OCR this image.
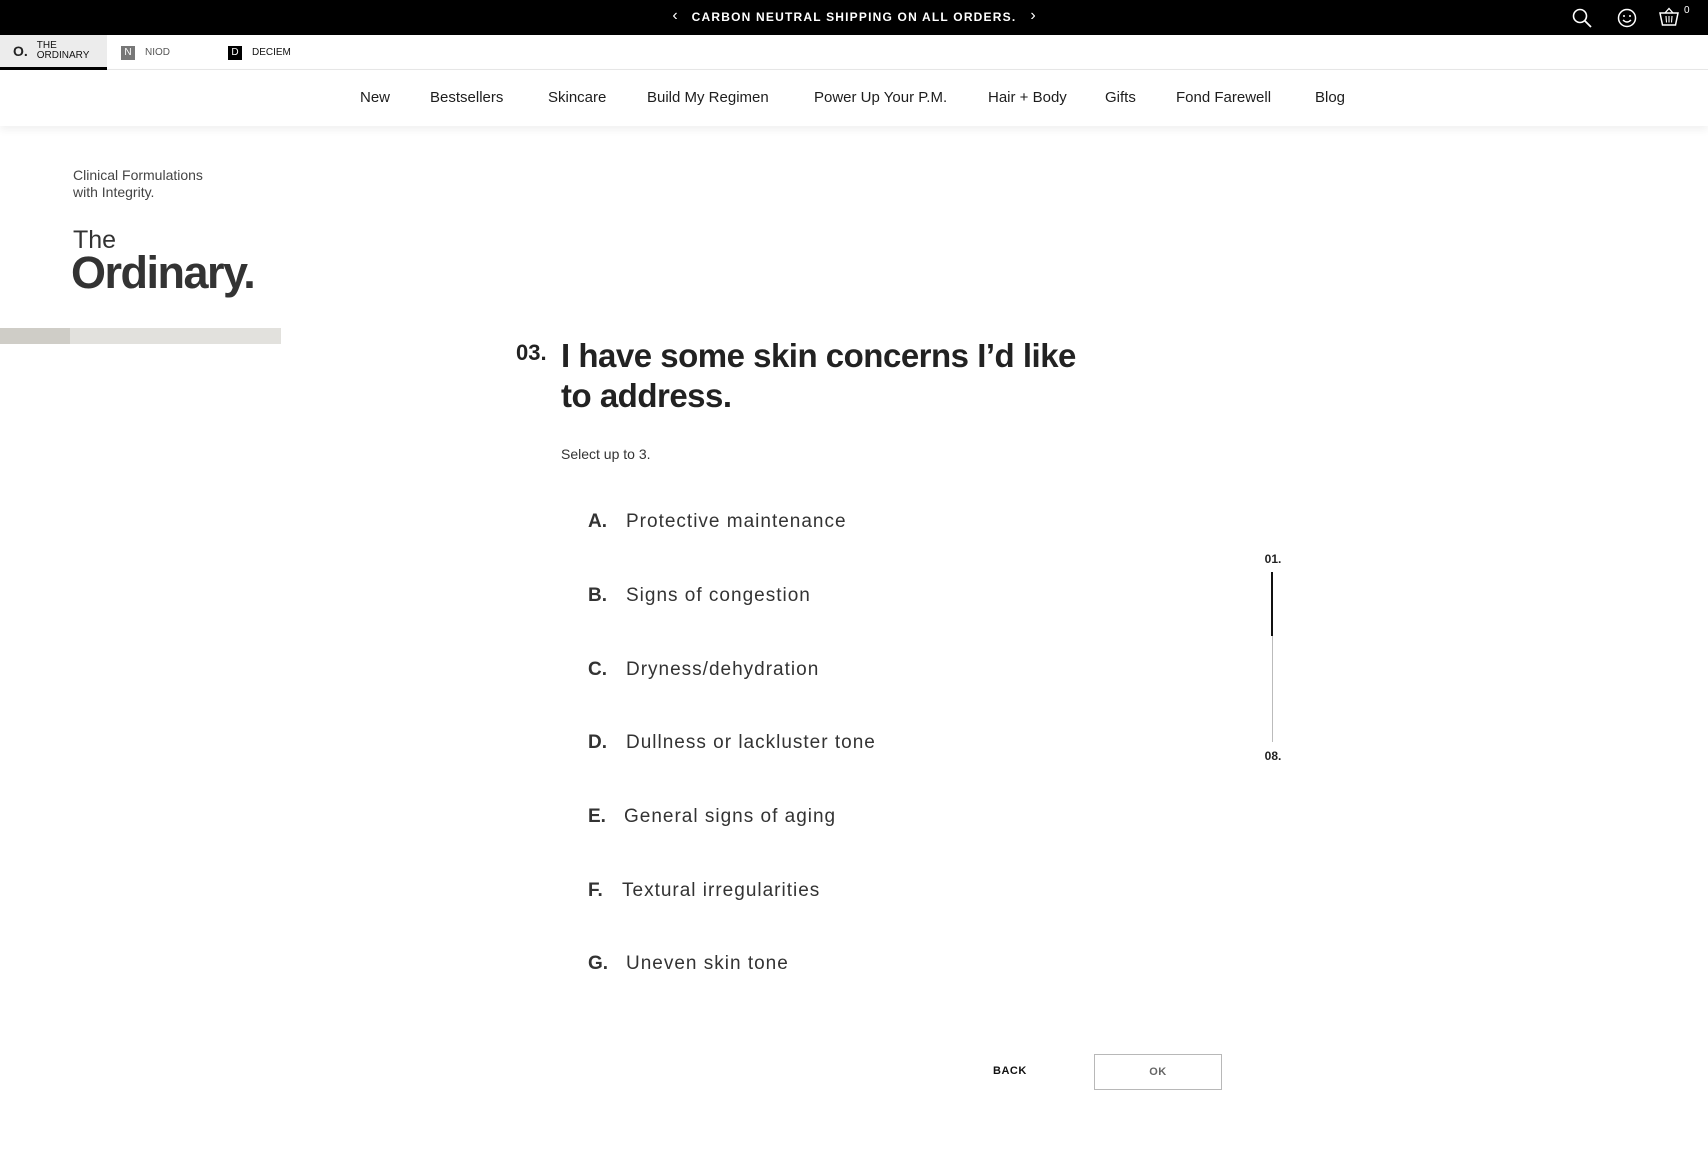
‹	CARBON NEUTRAL SHIPPING ON ALL ORDERS. ›	0
O. THE
ORDINARY	N	NIOD	D	DECIEM
New	Bestsellers	Skincare	Build My Regimen	Power Up Your P.M.	Hair + Body	Gifts	Fond Farewell	Blog
Clinical Formulations
with Integrity.
The
Ordinary.
03. I have some skin concerns I’d like to address.
Select up to 3.
A.	Protective maintenance
B.	Signs of congestion
C.	Dryness/dehydration
D.	Dullness or lackluster tone
E. General signs of aging
F.	Textural irregularities
G. Uneven skin tone
01.
08.
BACK	OK
